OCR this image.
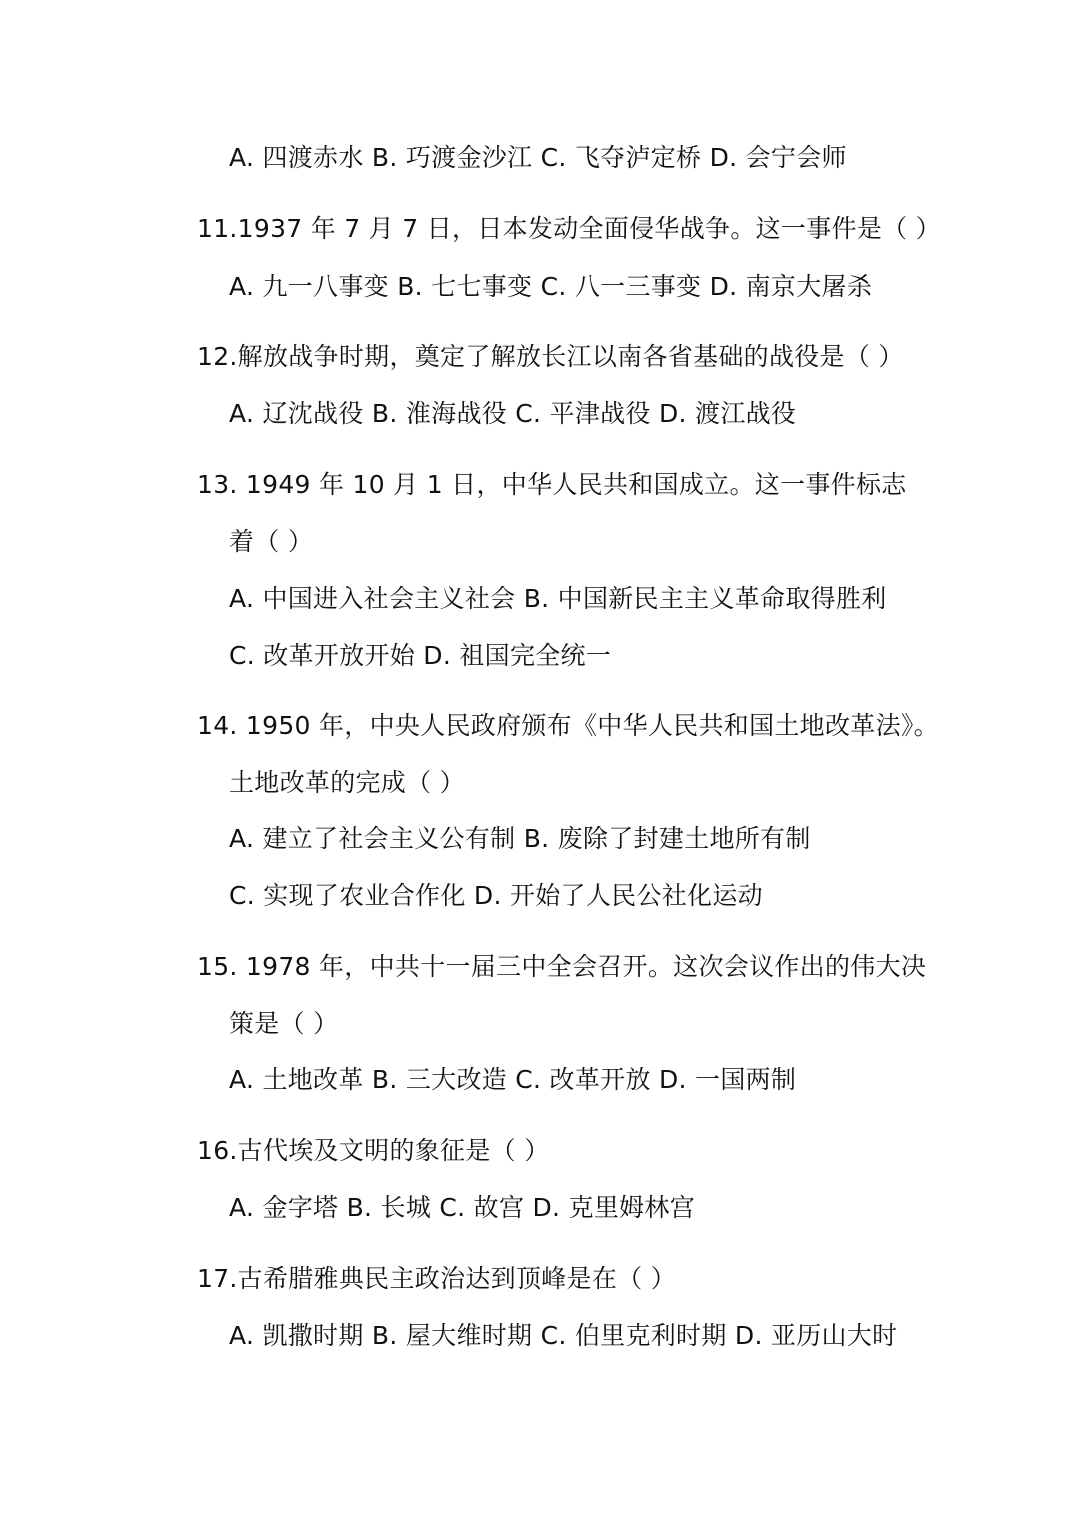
A. 四渡赤水 B. 巧渡金沙江 C. 飞夺泸定桥 D. 会宁会师
11.1937 年 7 月 7 日，日本发动全面侵华战争。这一事件是（ ）
A. 九一八事变 B. 七七事变 C. 八一三事变 D. 南京大屠杀
12.解放战争时期，奠定了解放长江以南各省基础的战役是（ ）
A. 辽沈战役 B. 淮海战役 C. 平津战役 D. 渡江战役
13. 1949 年 10 月 1 日，中华人民共和国成立。这一事件标志
着（ ）
A. 中国进入社会主义社会 B. 中国新民主主义革命取得胜利
C. 改革开放开始 D. 祖国完全统一
14. 1950 年，中央人民政府颁布《中华人民共和国土地改革法》。
土地改革的完成（ ）
A. 建立了社会主义公有制 B. 废除了封建土地所有制
C. 实现了农业合作化 D. 开始了人民公社化运动
15. 1978 年，中共十一届三中全会召开。这次会议作出的伟大决
策是（ ）
A. 土地改革 B. 三大改造 C. 改革开放 D. 一国两制
16.古代埃及文明的象征是（ ）
A. 金字塔 B. 长城 C. 故宫 D. 克里姆林宫
17.古希腊雅典民主政治达到顶峰是在（ ）
A. 凯撒时期 B. 屋大维时期 C. 伯里克利时期 D. 亚历山大时
